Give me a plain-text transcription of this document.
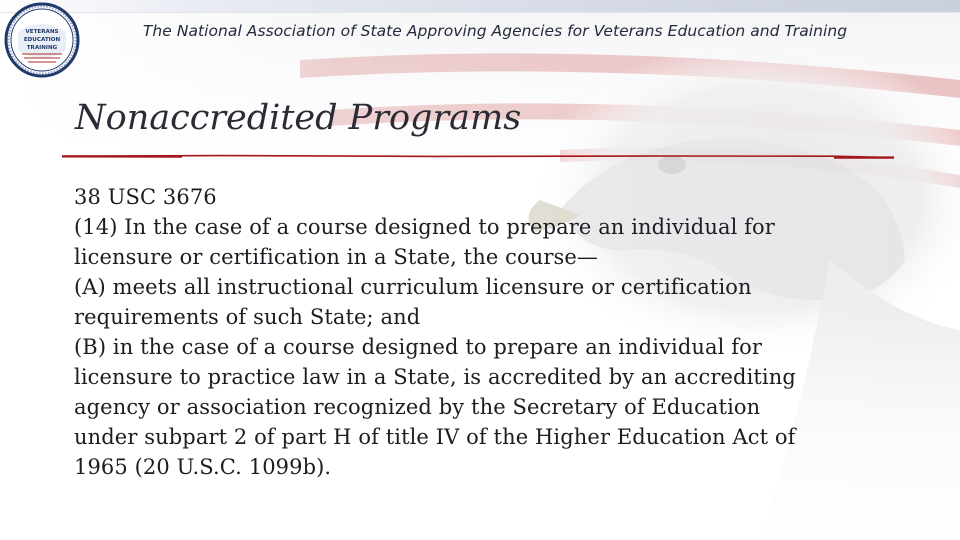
VETERANS
EDUCATION
TRAINING
The National Association of State Approving Agencies for Veterans Education and Training
Nonaccredited Programs

38 USC 3676

(14) In the case of a course designed to prepare an individual for

licensure or certification in a State, the course—

(A) meets all instructional curriculum licensure or certification

requirements of such State; and

(B) in the case of a course designed to prepare an individual for

licensure to practice law in a State, is accredited by an accrediting

agency or association recognized by the Secretary of Education

under subpart 2 of part H of title IV of the Higher Education Act of

1965 (20 U.S.C. 1099b).
